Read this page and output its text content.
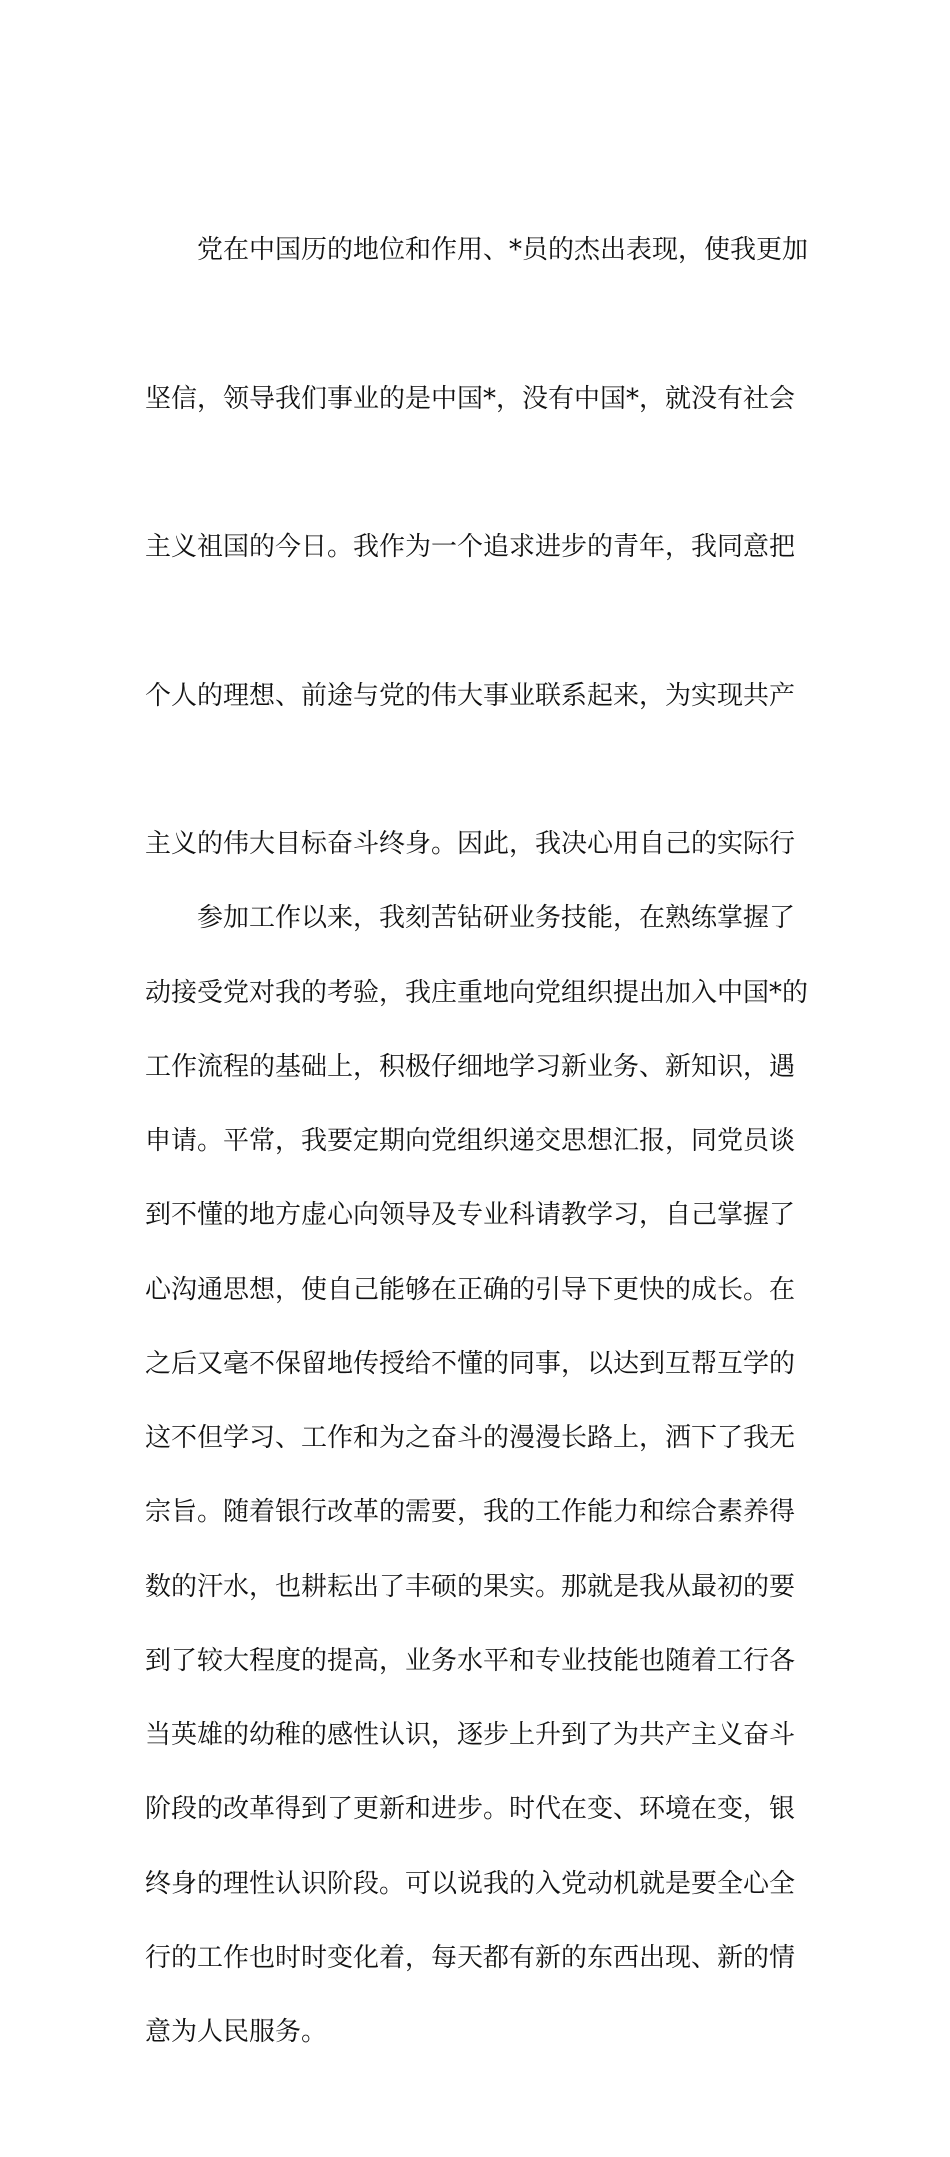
　　党在中国历的地位和作用、*员的杰出表现，使我更加

坚信，领导我们事业的是中国*，没有中国*，就没有社会

主义祖国的今日。我作为一个追求进步的青年，我同意把

个人的理想、前途与党的伟大事业联系起来，为实现共产

主义的伟大目标奋斗终身。因此，我决心用自己的实际行

动接受党对我的考验，我庄重地向党组织提出加入中国*的

申请。平常，我要定期向党组织递交思想汇报，同党员谈

心沟通思想，使自己能够在正确的引导下更快的成长。在

这不但学习、工作和为之奋斗的漫漫长路上，洒下了我无

数的汗水，也耕耘出了丰硕的果实。那就是我从最初的要

当英雄的幼稚的感性认识，逐步上升到了为共产主义奋斗

终身的理性认识阶段。可以说我的入党动机就是要全心全

意为人民服务。

　　参加工作以来，我刻苦钻研业务技能，在熟练掌握了

工作流程的基础上，积极仔细地学习新业务、新知识，遇

到不懂的地方虚心向领导及专业科请教学习，自己掌握了

之后又毫不保留地传授给不懂的同事，以达到互帮互学的

宗旨。随着银行改革的需要，我的工作能力和综合素养得

到了较大程度的提高，业务水平和专业技能也随着工行各

阶段的改革得到了更新和进步。时代在变、环境在变，银

行的工作也时时变化着，每天都有新的东西出现、新的情
